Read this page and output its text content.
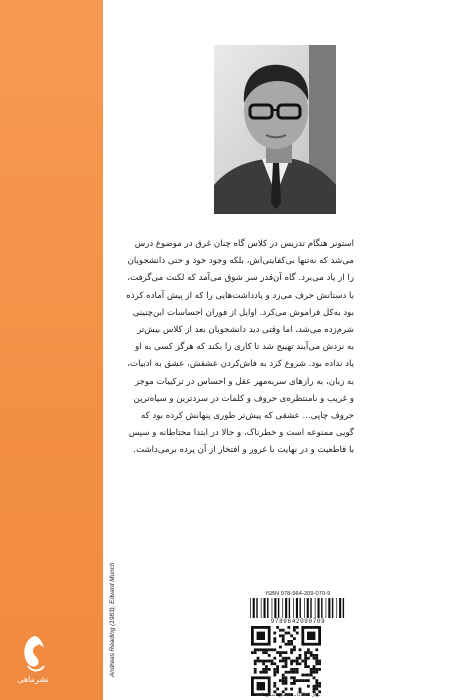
Andreas Reading (1983), Edvard Munch
نشرماهی
استونر هنگام تدریس در کلاس گاه چنان غرق در موضوع درس
می‌شد که نه‌تنها بی‌کفایتی‌اش، بلکه وجود خود و حتی دانشجویان
را از یاد می‌برد. گاه آن‌قدر سر شوق می‌آمد که لکنت می‌گرفت،
با دستانش حرف می‌زد و یادداشت‌هایی را که از پیش آماده کرده
بود به‌کل فراموش می‌کرد. اوایل از فوران احساسات این‌چنینی
شرم‌زده می‌شد، اما وقتی دید دانشجویان بعد از کلاس بیش‌تر
به نزدش می‌آیند تهییج شد تا کاری را بکند که هرگز کسی به او
یاد نداده بود. شروع کرد به فاش‌کردن عشقش، عشق به ادبیات،
به زبان، به رازهای سربه‌مهر عقل و احساس در ترکیبات موجز
و غریب و نامنتظره‌ی حروف و کلمات در سردترین و سیاه‌ترین
حروف چاپی... عشقی که پیش‌تر طوری پنهانش کرده بود که
گویی ممنوعه است و خطرناک، و حالا در ابتدا محتاطانه و سپس
با قاطعیت و در نهایت با غرور و افتخار از آن پرده برمی‌داشت.
ISBN 978-964-209-070-9
9789642090709
برای اطلاعات بیشتر اسکن کنید
